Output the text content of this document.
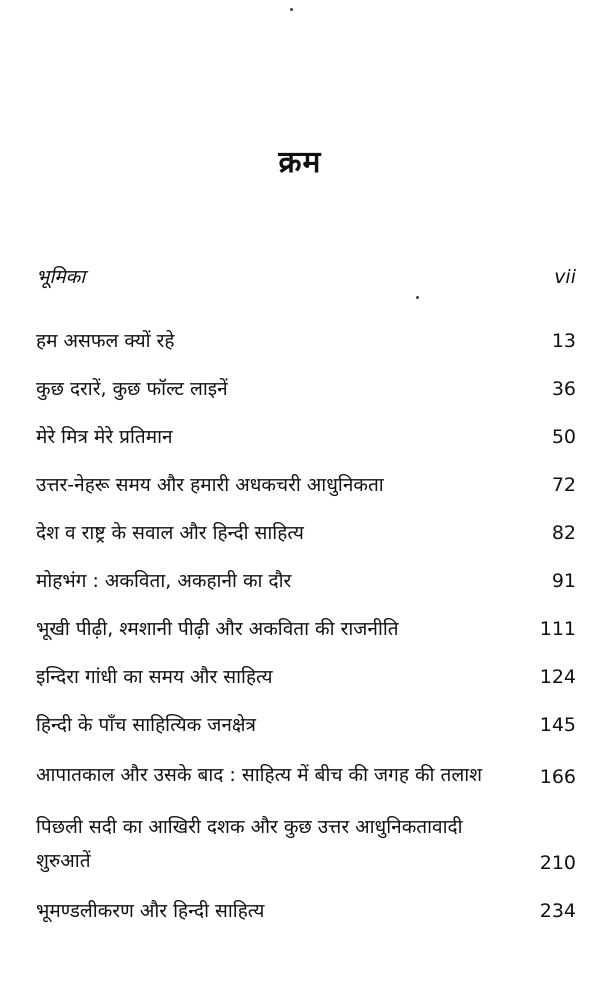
क्रम
भूमिका	vii
हम असफल क्यों रहे	13
कुछ दरारें, कुछ फॉल्ट लाइनें	36
मेरे मित्र मेरे प्रतिमान	50
उत्तर-नेहरू समय और हमारी अधकचरी आधुनिकता	72
देश व राष्ट्र के सवाल और हिन्दी साहित्य	82
मोहभंग : अकविता, अकहानी का दौर	91
भूखी पीढ़ी, श्मशानी पीढ़ी और अकविता की राजनीति	111
इन्दिरा गांधी का समय और साहित्य	124
हिन्दी के पाँच साहित्यिक जनक्षेत्र	145
आपातकाल और उसके बाद : साहित्य में बीच की जगह की तलाश	166
पिछली सदी का आखिरी दशक और कुछ उत्तर आधुनिकतावादी शुरुआतें	210
भूमण्डलीकरण और हिन्दी साहित्य	234
